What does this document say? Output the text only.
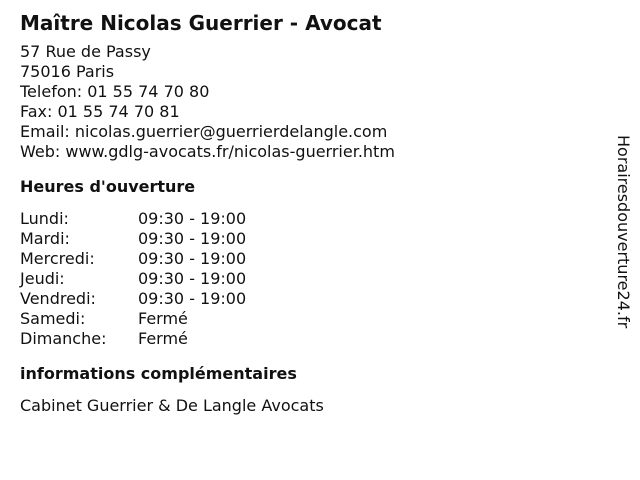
Maître Nicolas Guerrier - Avocat
57 Rue de Passy
75016 Paris
Telefon: 01 55 74 70 80
Fax: 01 55 74 70 81
Email: nicolas.guerrier@guerrierdelangle.com
Web: www.gdlg-avocats.fr/nicolas-guerrier.htm
Heures d'ouverture
Lundi:	09:30 - 19:00
Mardi:	09:30 - 19:00
Mercredi:	09:30 - 19:00
Jeudi:	09:30 - 19:00
Vendredi:	09:30 - 19:00
Samedi:	Fermé
Dimanche:	Fermé
informations complémentaires
Cabinet Guerrier & De Langle Avocats
Horairesdouverture24.fr
